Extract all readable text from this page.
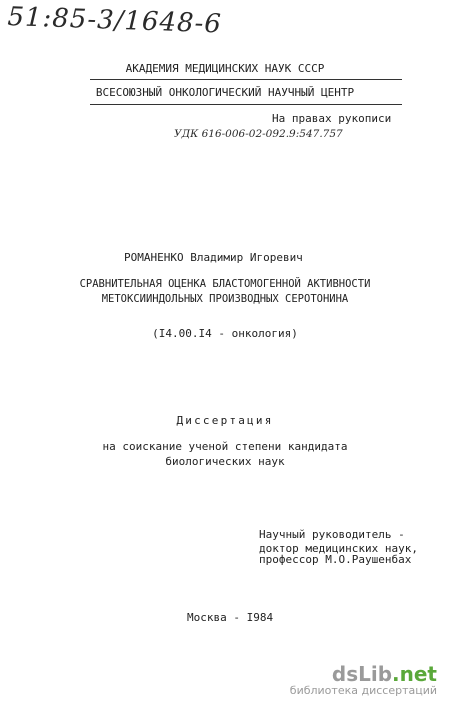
51:85-3/1648-6
АКАДЕМИЯ МЕДИЦИНСКИХ НАУК СССР
ВСЕСОЮЗНЫЙ ОНКОЛОГИЧЕСКИЙ НАУЧНЫЙ ЦЕНТР
На правах рукописи
УДК 616-006-02-092.9:547.757
РОМАНЕНКО Владимир Игоревич
СРАВНИТЕЛЬНАЯ ОЦЕНКА БЛАСТОМОГЕННОЙ АКТИВНОСТИ
МЕТОКСИИНДОЛЬНЫХ ПРОИЗВОДНЫХ СЕРОТОНИНА
(I4.00.I4 - онкология)
Диссертация
на соискание ученой степени кандидата
биологических наук
Научный руководитель -
доктор медицинских наук,
профессор М.О.Раушенбах
Москва - I984
dsLib.net
библиотека диссертаций
